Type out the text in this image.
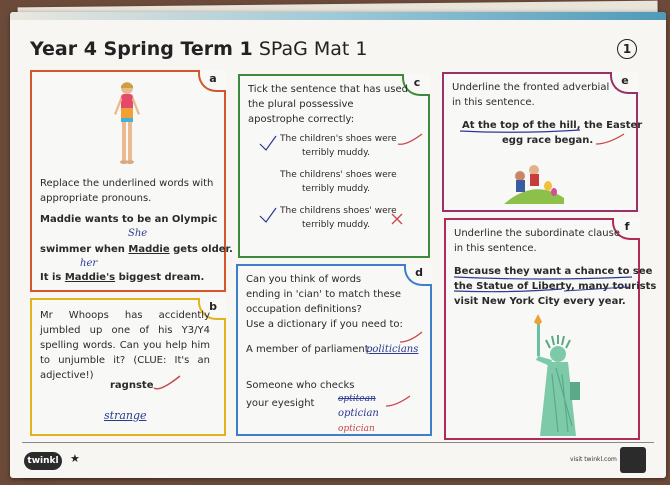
Year 4 Spring Term 1 SPaG Mat 1	1
a
Replace the underlined words with appropriate pronouns.
Maddie wants to be an Olympic
swimmer when Maddie gets older.
She
It is Maddie's biggest dream.
her
b
Mr Whoops has accidently jumbled up one of his Y3/Y4 spelling words. Can you help him to unjumble it? (CLUE: It's an adjective!)
ragnste
strange
c
Tick the sentence that has used the plural possessive apostrophe correctly:
The children's shoes were
terribly muddy.
The childrens' shoes were
terribly muddy.
The childrens shoes' were
terribly muddy.
d
Can you think of words
ending in 'cian' to match these
occupation definitions?
Use a dictionary if you need to:
A member of parliament
politicians
Someone who checks
your eyesight	optitean
optician
optician
e
Underline the fronted adverbial in this sentence.
At the top of the hill, the Easter
egg race began.
f
Underline the subordinate clause in this sentence.
Because they want a chance to see
the Statue of Liberty, many tourists
visit New York City every year.
twinkl	★	visit twinkl.com
